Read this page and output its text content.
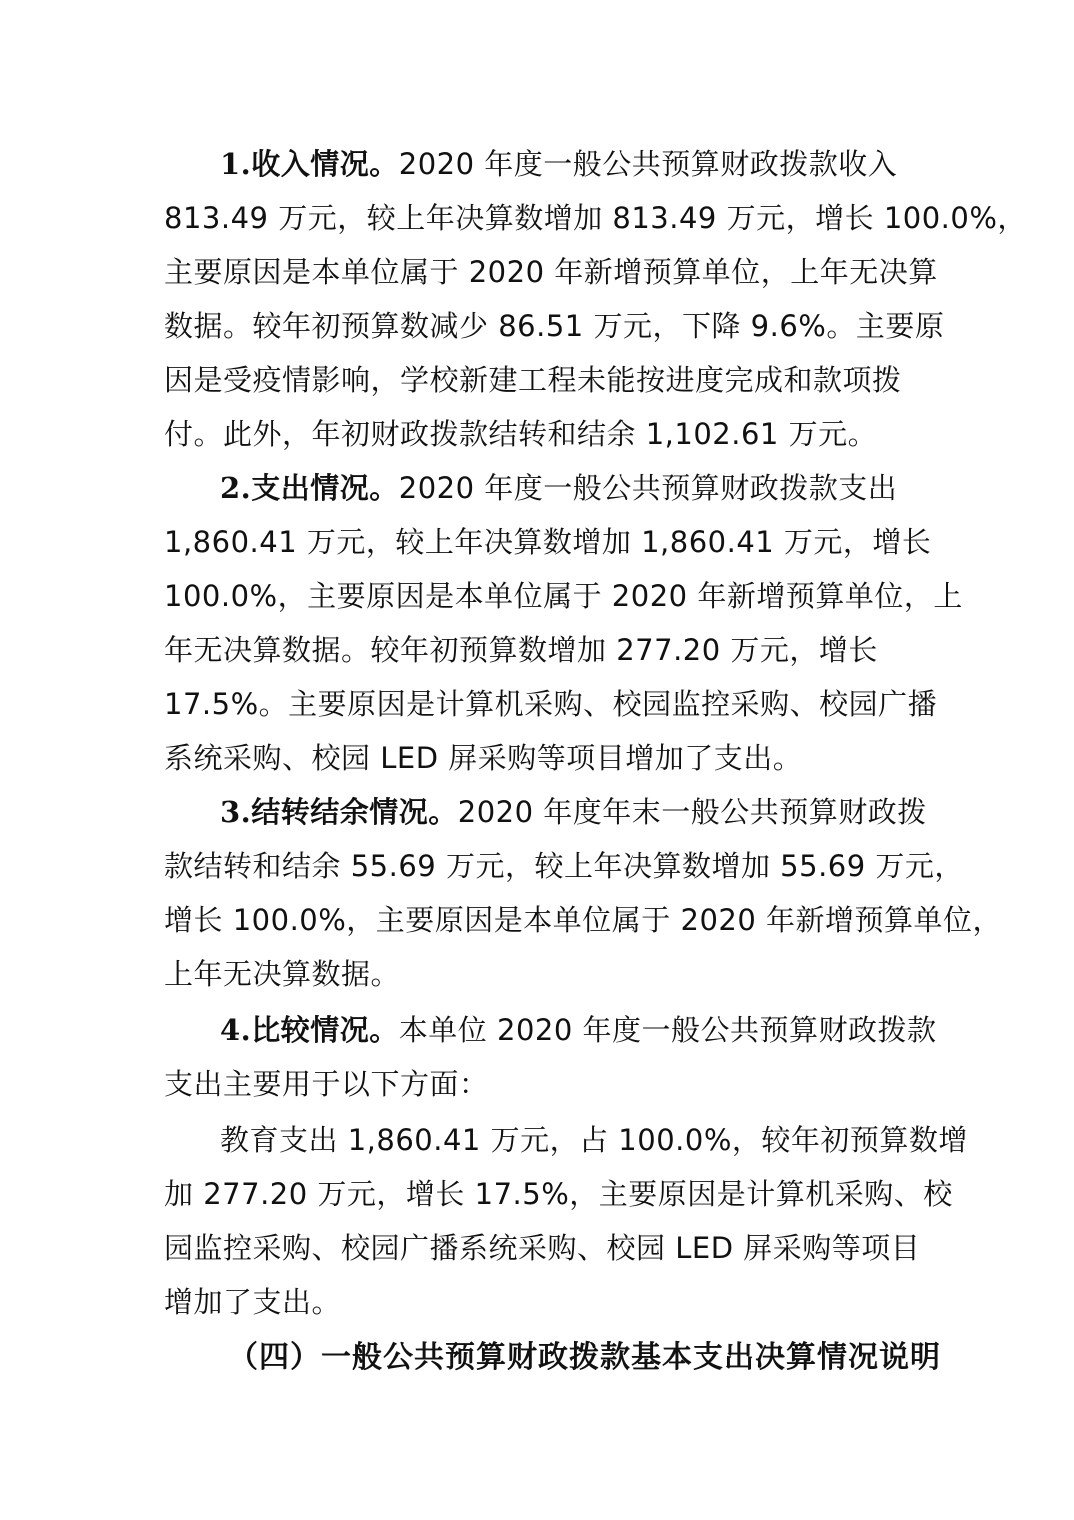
1.收入情况。2020 年度一般公共预算财政拨款收入
813.49 万元，较上年决算数增加 813.49 万元，增长 100.0%，
主要原因是本单位属于 2020 年新增预算单位，上年无决算
数据。较年初预算数减少 86.51 万元，下降 9.6%。主要原
因是受疫情影响，学校新建工程未能按进度完成和款项拨
付。此外，年初财政拨款结转和结余 1,102.61 万元。
2.支出情况。2020 年度一般公共预算财政拨款支出
1,860.41 万元，较上年决算数增加 1,860.41 万元，增长
100.0%，主要原因是本单位属于 2020 年新增预算单位，上
年无决算数据。较年初预算数增加 277.20 万元，增长
17.5%。主要原因是计算机采购、校园监控采购、校园广播
系统采购、校园 LED 屏采购等项目增加了支出。
3.结转结余情况。2020 年度年末一般公共预算财政拨
款结转和结余 55.69 万元，较上年决算数增加 55.69 万元，
增长 100.0%，主要原因是本单位属于 2020 年新增预算单位，
上年无决算数据。
4.比较情况。本单位 2020 年度一般公共预算财政拨款
支出主要用于以下方面：
教育支出 1,860.41 万元，占 100.0%，较年初预算数增
加 277.20 万元，增长 17.5%，主要原因是计算机采购、校
园监控采购、校园广播系统采购、校园 LED 屏采购等项目
增加了支出。
（四）一般公共预算财政拨款基本支出决算情况说明
